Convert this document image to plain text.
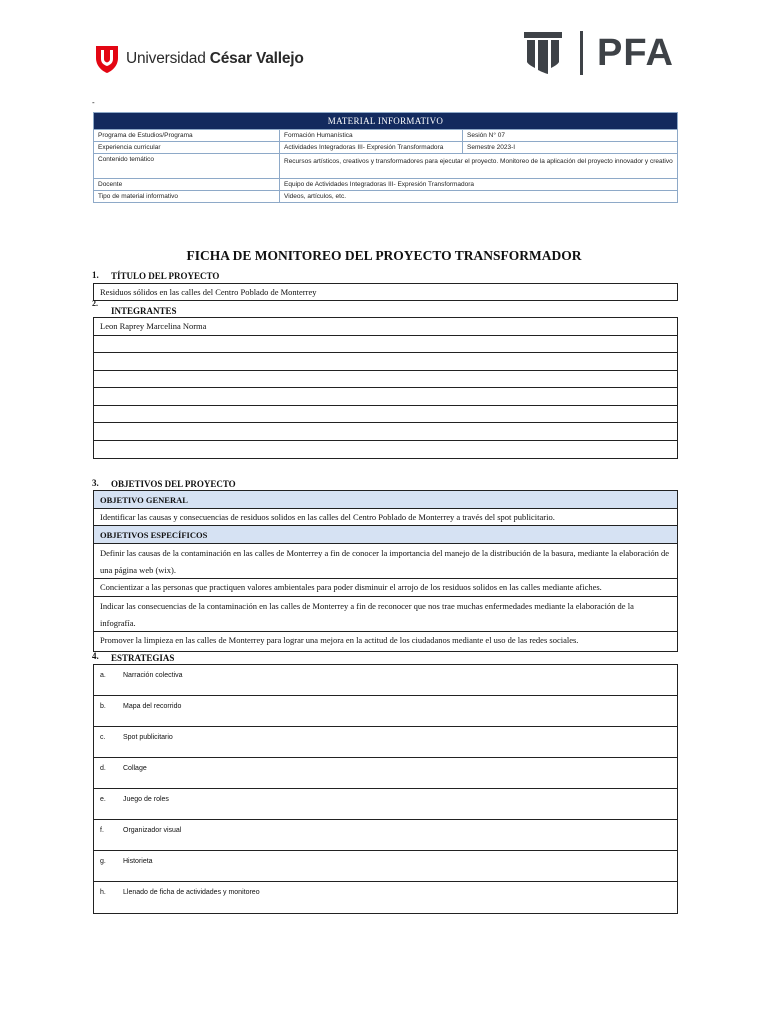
Universidad César Vallejo	PFA
-
MATERIAL INFORMATIVO		
Programa de Estudios/Programa	Formación Humanística	Sesión N° 07
Experiencia curricular	Actividades Integradoras III- Expresión Transformadora	Semestre 2023-I
Contenido temático	Recursos artísticos, creativos y transformadores para ejecutar el proyecto. Monitoreo de la aplicación del proyecto innovador y creativo	
Docente	Equipo de Actividades Integradoras III- Expresión Transformadora	
Tipo de material informativo	Videos, artículos, etc.	
FICHA DE MONITOREO DEL PROYECTO TRANSFORMADOR
1. TÍTULO DEL PROYECTO
Residuos sólidos en las calles del Centro Poblado de Monterrey
2.
INTEGRANTES
Leon Raprey Marcelina Norma
3. OBJETIVOS DEL PROYECTO
OBJETIVO GENERAL
Identificar las causas y consecuencias de residuos solidos en las calles del Centro Poblado de Monterrey a través del spot publicitario.
OBJETIVOS ESPECÍFICOS
Definir las causas de la contaminación en las calles de Monterrey a fin de conocer la importancia del manejo de la distribución de la basura, mediante la elaboración de una página web (wix).
Concientizar a las personas que practiquen valores ambientales para poder disminuir el arrojo de los residuos solidos en las calles mediante afiches.
Indicar las consecuencias de la contaminación en las calles de Monterrey a fin de reconocer que nos trae muchas enfermedades mediante la elaboración de la infografía.
Promover la limpieza en las calles de Monterrey para lograr una mejora en la actitud de los ciudadanos mediante el uso de las redes sociales.
4. ESTRATEGIAS
a. Narración colectiva
b. Mapa del recorrido
c.	Spot publicitario
d. Collage
e. Juego de roles
f.	Organizador visual
g. Historieta
h. Llenado de ficha de actividades y monitoreo
